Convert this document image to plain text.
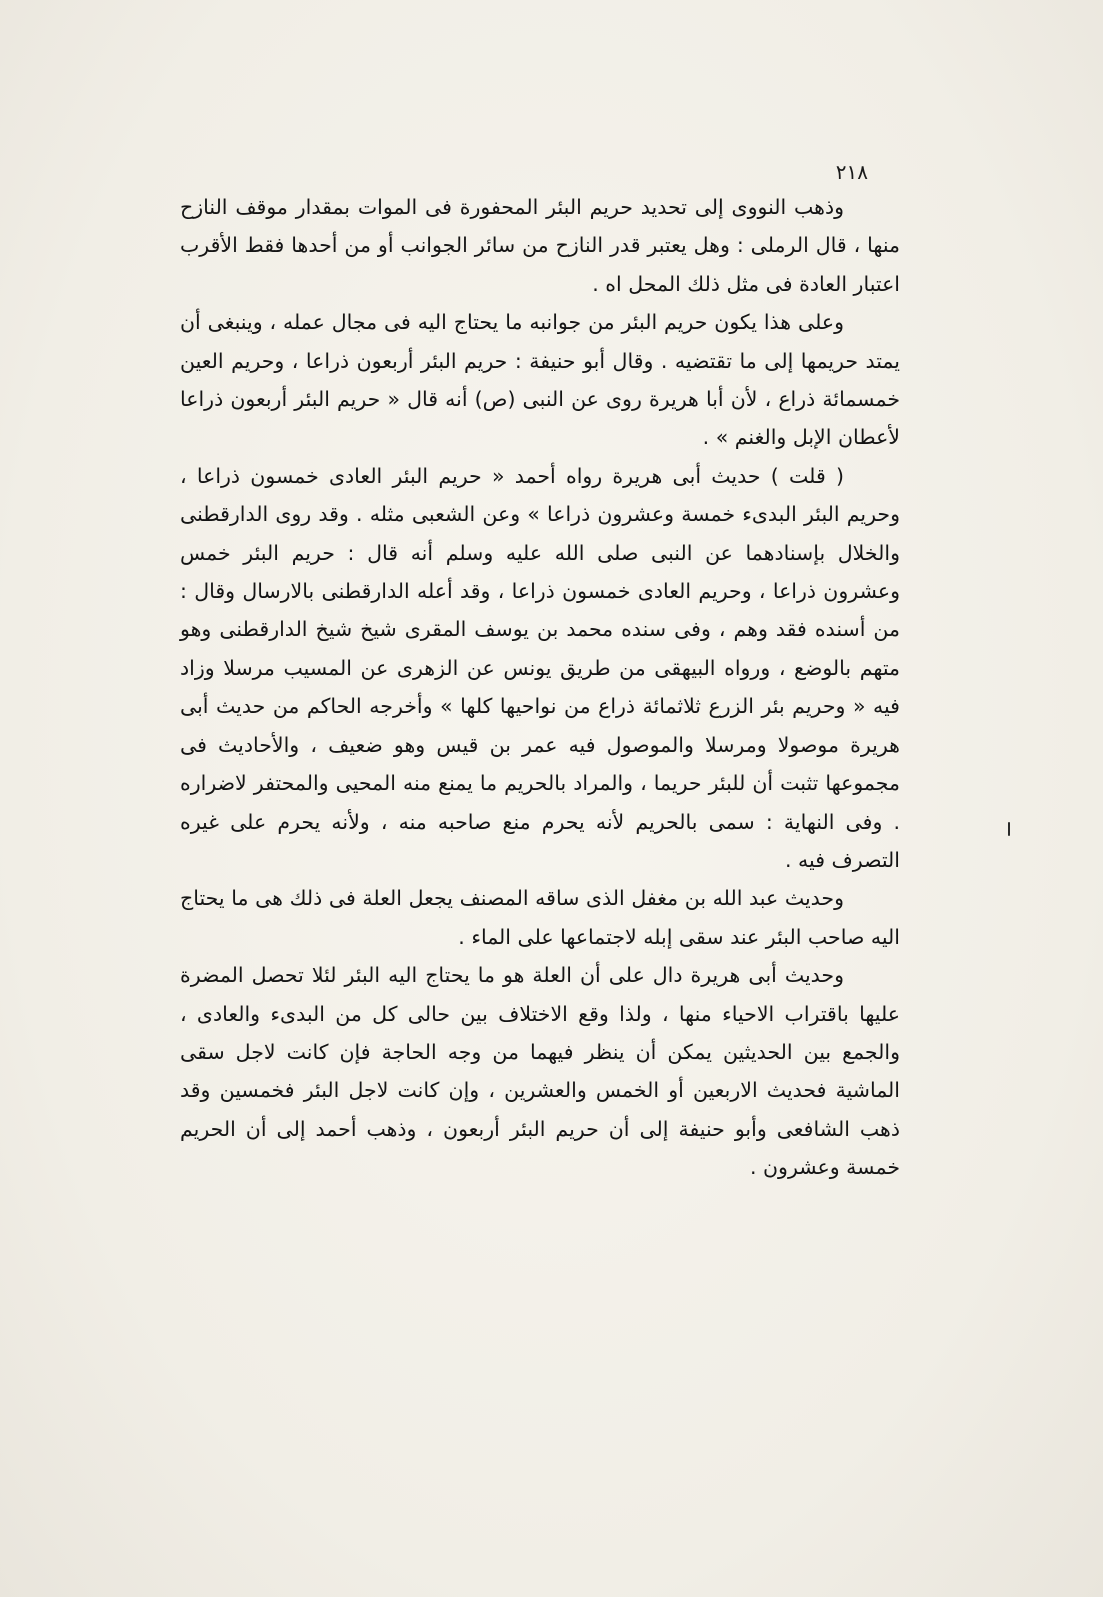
٢١٨

وذهب النووى إلى تحديد حريم البئر المحفورة فى الموات بمقدار موقف النازح منها ، قال الرملى : وهل يعتبر قدر النازح من سائر الجوانب أو من أحدها فقط الأقرب اعتبار العادة فى مثل ذلك المحل اه .

وعلى هذا يكون حريم البئر من جوانبه ما يحتاج اليه فى مجال عمله ، وينبغى أن يمتد حريمها إلى ما تقتضيه . وقال أبو حنيفة : حريم البئر أربعون ذراعا ، وحريم العين خمسمائة ذراع ، لأن أبا هريرة روى عن النبى (ص) أنه قال « حريم البئر أربعون ذراعا لأعطان الإبل والغنم » .

( قلت ) حديث أبى هريرة رواه أحمد « حريم البئر العادى خمسون ذراعا ، وحريم البئر البدىء خمسة وعشرون ذراعا » وعن الشعبى مثله . وقد روى الدارقطنى والخلال بإسنادهما عن النبى صلى الله عليه وسلم أنه قال : حريم البئر خمس وعشرون ذراعا ، وحريم العادى خمسون ذراعا ، وقد أعله الدارقطنى بالارسال وقال : من أسنده فقد وهم ، وفى سنده محمد بن يوسف المقرى شيخ شيخ الدارقطنى وهو متهم بالوضع ، ورواه البيهقى من طريق يونس عن الزهرى عن المسيب مرسلا وزاد فيه « وحريم بئر الزرع ثلاثمائة ذراع من نواحيها كلها » وأخرجه الحاكم من حديث أبى هريرة موصولا ومرسلا والموصول فيه عمر بن قيس وهو ضعيف ، والأحاديث فى مجموعها تثبت أن للبئر حريما ، والمراد بالحريم ما يمنع منه المحيى والمحتفر لاضراره . وفى النهاية : سمى بالحريم لأنه يحرم منع صاحبه منه ، ولأنه يحرم على غيره التصرف فيه .

وحديث عبد الله بن مغفل الذى ساقه المصنف يجعل العلة فى ذلك هى ما يحتاج اليه صاحب البئر عند سقى إبله لاجتماعها على الماء .

وحديث أبى هريرة دال على أن العلة هو ما يحتاج اليه البئر لئلا تحصل المضرة عليها باقتراب الاحياء منها ، ولذا وقع الاختلاف بين حالى كل من البدىء والعادى ، والجمع بين الحديثين يمكن أن ينظر فيهما من وجه الحاجة فإن كانت لاجل سقى الماشية فحديث الاربعين أو الخمس والعشرين ، وإن كانت لاجل البئر فخمسين وقد ذهب الشافعى وأبو حنيفة إلى أن حريم البئر أربعون ، وذهب أحمد إلى أن الحريم خمسة وعشرون .
